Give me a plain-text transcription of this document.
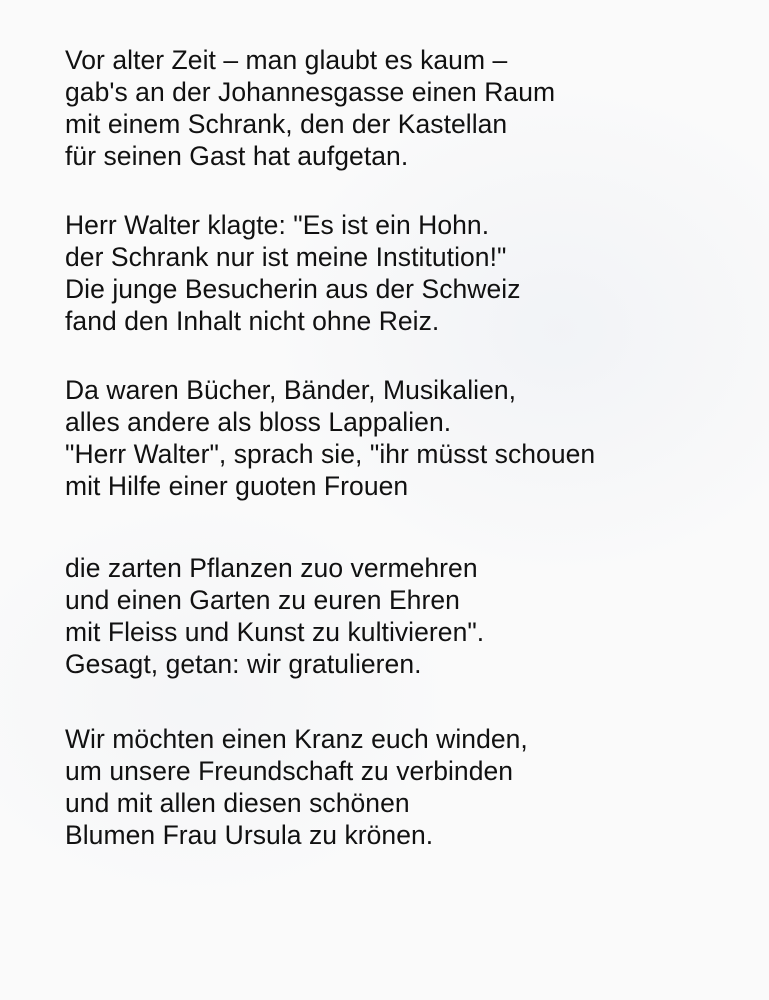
Vor alter Zeit – man glaubt es kaum –
gab's an der Johannesgasse einen Raum
mit einem Schrank, den der Kastellan
für seinen Gast hat aufgetan.
Herr Walter klagte: "Es ist ein Hohn.
der Schrank nur ist meine Institution!"
Die junge Besucherin aus der Schweiz
fand den Inhalt nicht ohne Reiz.
Da waren Bücher, Bänder, Musikalien,
alles andere als bloss Lappalien.
"Herr Walter", sprach sie, "ihr müsst schouen
mit Hilfe einer guoten Frouen
die zarten Pflanzen zuo vermehren
und einen Garten zu euren Ehren
mit Fleiss und Kunst zu kultivieren".
Gesagt, getan: wir gratulieren.
Wir möchten einen Kranz euch winden,
um unsere Freundschaft zu verbinden
und mit allen diesen schönen
Blumen Frau Ursula zu krönen.
